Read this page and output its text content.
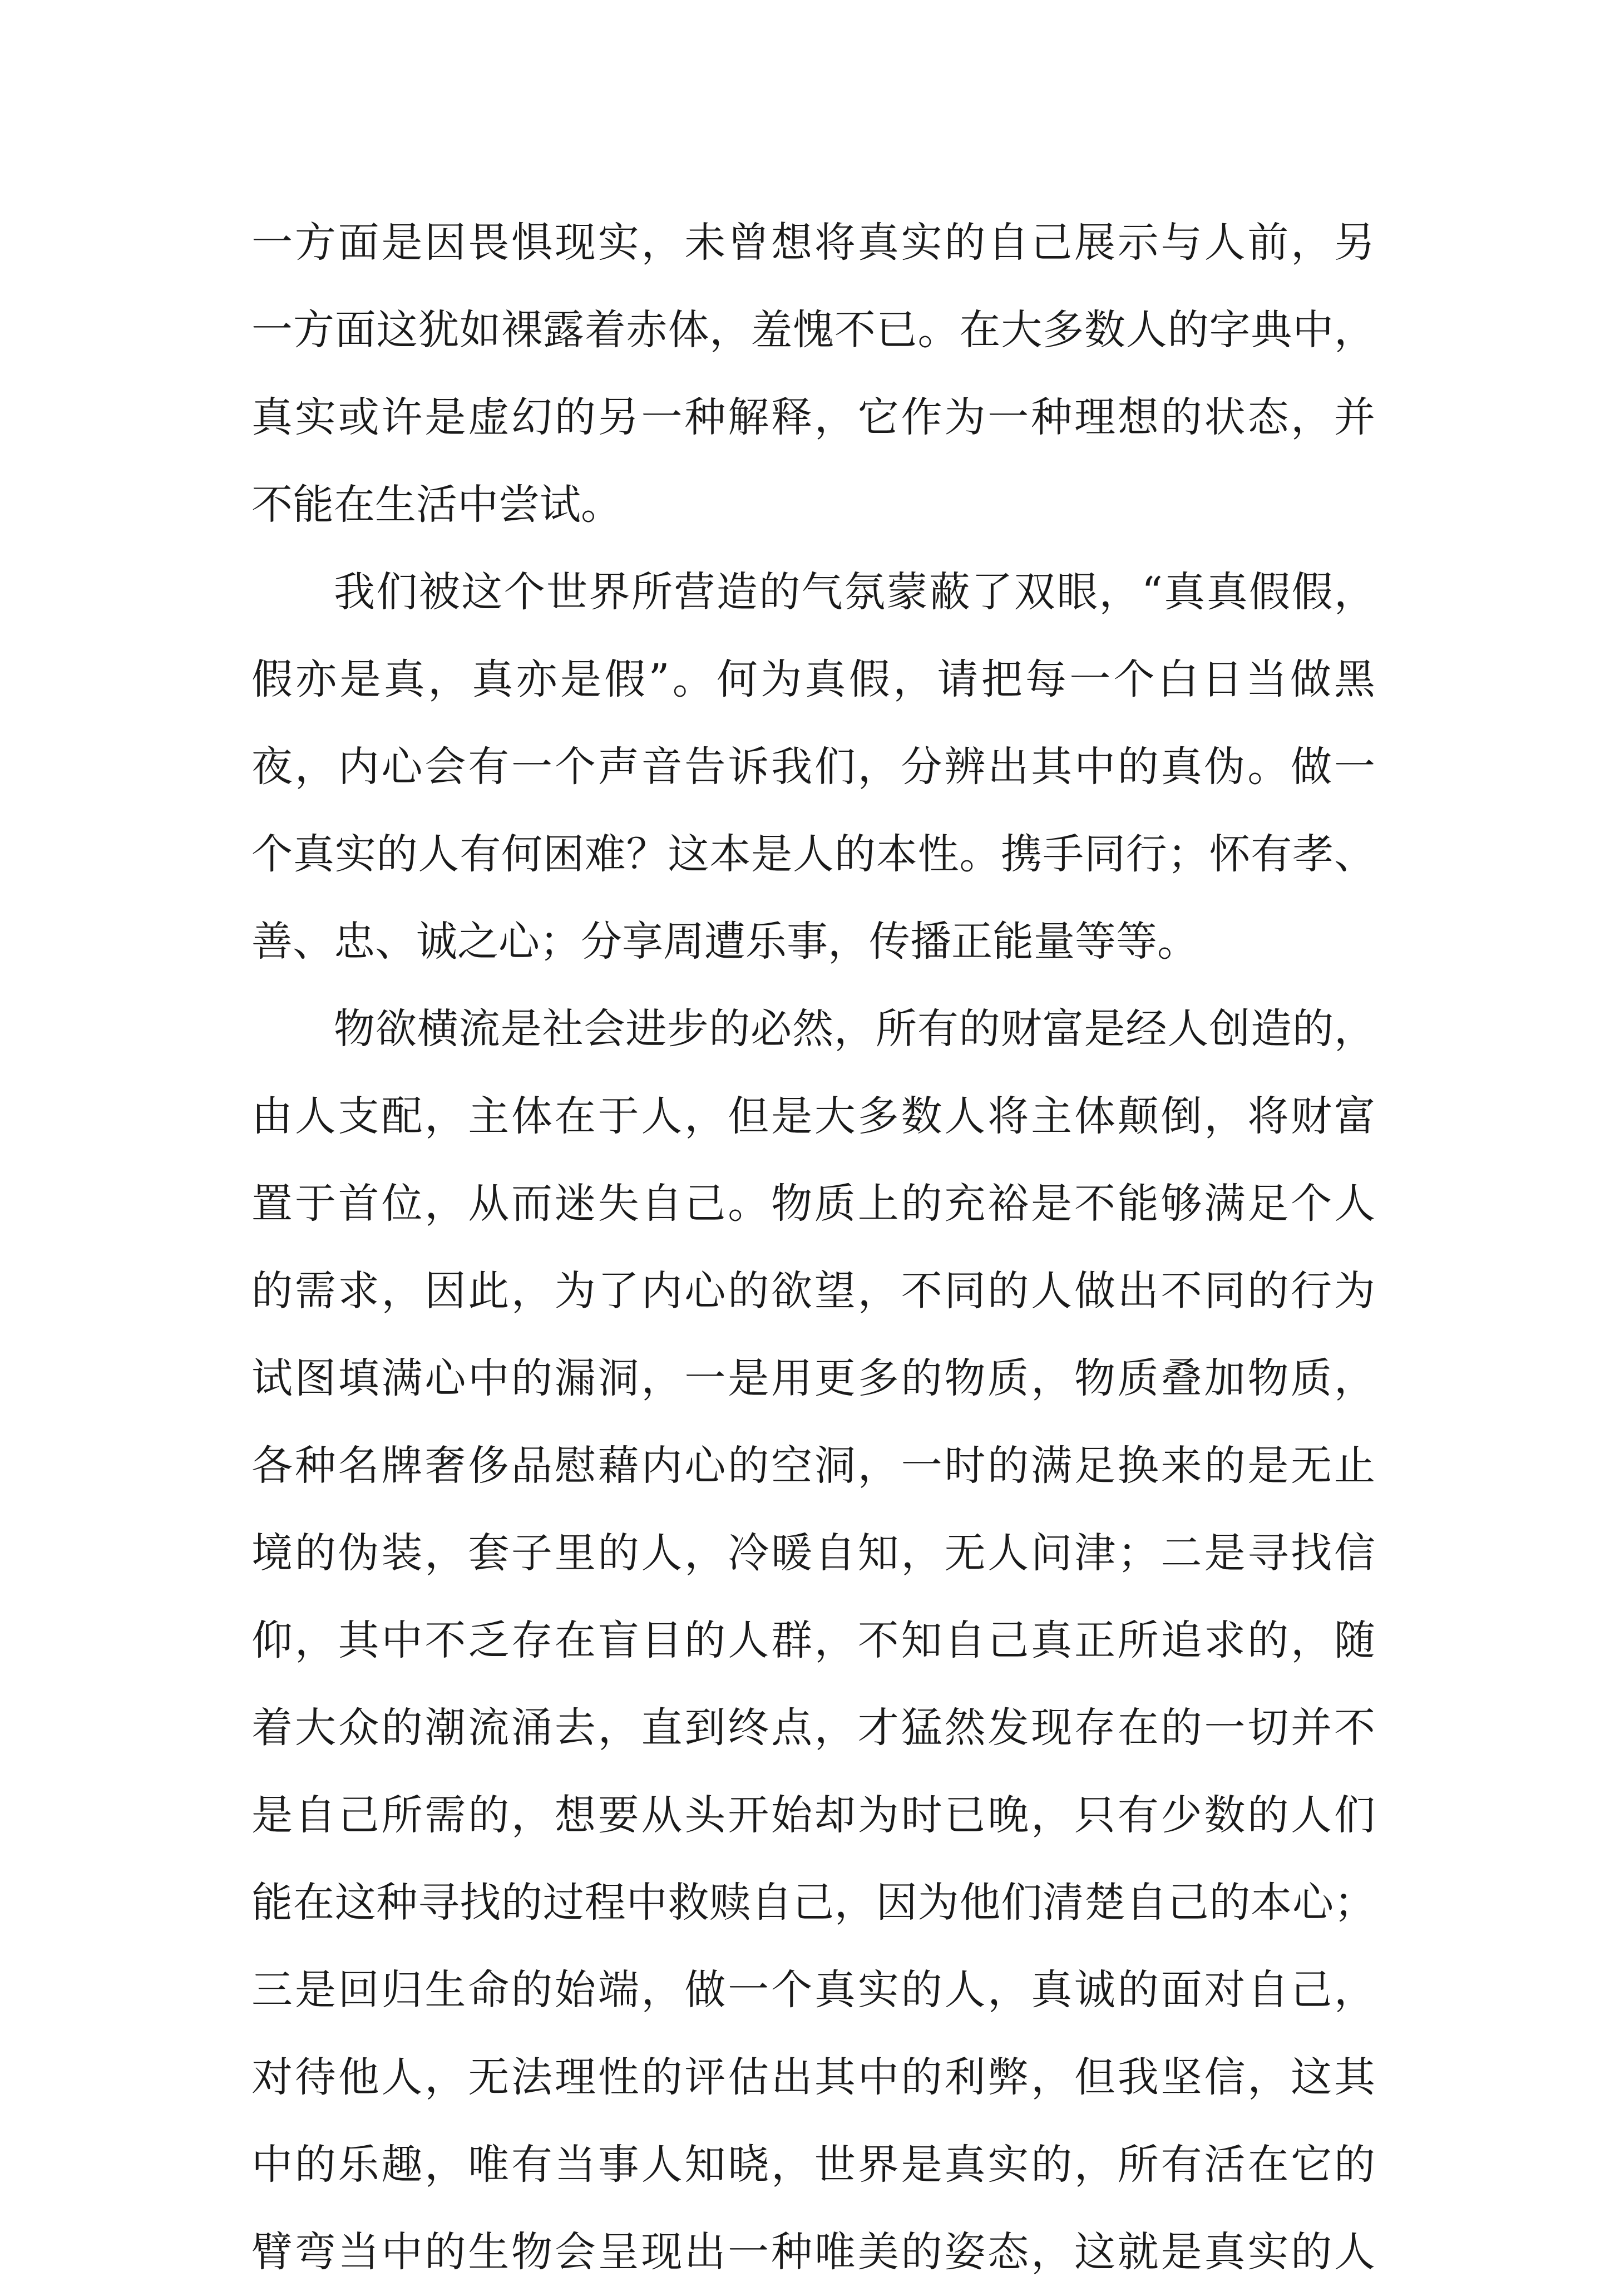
一方面是因畏惧现实，未曾想将真实的自己展示与人前，另
一方面这犹如裸露着赤体，羞愧不已。在大多数人的字典中，
真实或许是虚幻的另一种解释，它作为一种理想的状态，并
不能在生活中尝试。
我们被这个世界所营造的气氛蒙蔽了双眼，“真真假假，
假亦是真，真亦是假”。何为真假，请把每一个白日当做黑
夜，内心会有一个声音告诉我们，分辨出其中的真伪。做一
个真实的人有何困难？这本是人的本性。携手同行；怀有孝、
善、忠、诚之心；分享周遭乐事，传播正能量等等。
物欲横流是社会进步的必然，所有的财富是经人创造的，
由人支配，主体在于人，但是大多数人将主体颠倒，将财富
置于首位，从而迷失自己。物质上的充裕是不能够满足个人
的需求，因此，为了内心的欲望，不同的人做出不同的行为
试图填满心中的漏洞，一是用更多的物质，物质叠加物质，
各种名牌奢侈品慰藉内心的空洞，一时的满足换来的是无止
境的伪装，套子里的人，冷暖自知，无人问津；二是寻找信
仰，其中不乏存在盲目的人群，不知自己真正所追求的，随
着大众的潮流涌去，直到终点，才猛然发现存在的一切并不
是自己所需的，想要从头开始却为时已晚，只有少数的人们
能在这种寻找的过程中救赎自己，因为他们清楚自己的本心；
三是回归生命的始端，做一个真实的人，真诚的面对自己，
对待他人，无法理性的评估出其中的利弊，但我坚信，这其
中的乐趣，唯有当事人知晓，世界是真实的，所有活在它的
臂弯当中的生物会呈现出一种唯美的姿态，这就是真实的人
